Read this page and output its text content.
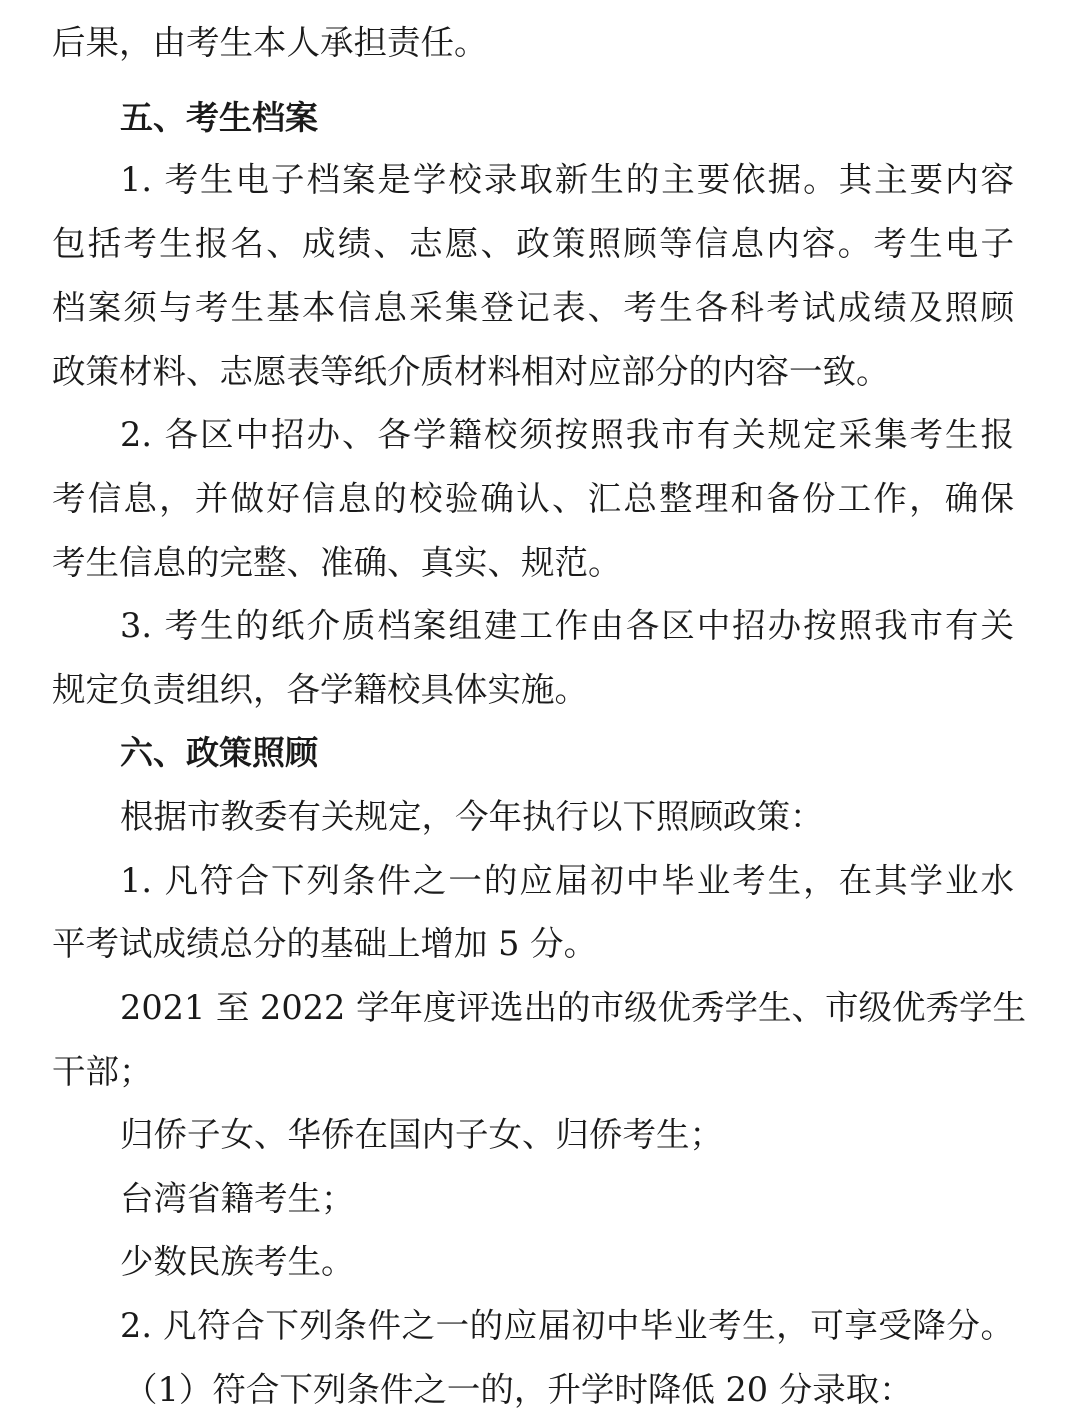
后果，由考生本人承担责任。
五、考生档案
1. 考生电子档案是学校录取新生的主要依据。其主要内容
包括考生报名、成绩、志愿、政策照顾等信息内容。考生电子
档案须与考生基本信息采集登记表、考生各科考试成绩及照顾
政策材料、志愿表等纸介质材料相对应部分的内容一致。
2. 各区中招办、各学籍校须按照我市有关规定采集考生报
考信息，并做好信息的校验确认、汇总整理和备份工作，确保
考生信息的完整、准确、真实、规范。
3. 考生的纸介质档案组建工作由各区中招办按照我市有关
规定负责组织，各学籍校具体实施。
六、政策照顾
根据市教委有关规定，今年执行以下照顾政策：
1. 凡符合下列条件之一的应届初中毕业考生，在其学业水
平考试成绩总分的基础上增加 5 分。
2021 至 2022 学年度评选出的市级优秀学生、市级优秀学生
干部；
归侨子女、华侨在国内子女、归侨考生；
台湾省籍考生；
少数民族考生。
2. 凡符合下列条件之一的应届初中毕业考生，可享受降分。
（1）符合下列条件之一的，升学时降低 20 分录取：
